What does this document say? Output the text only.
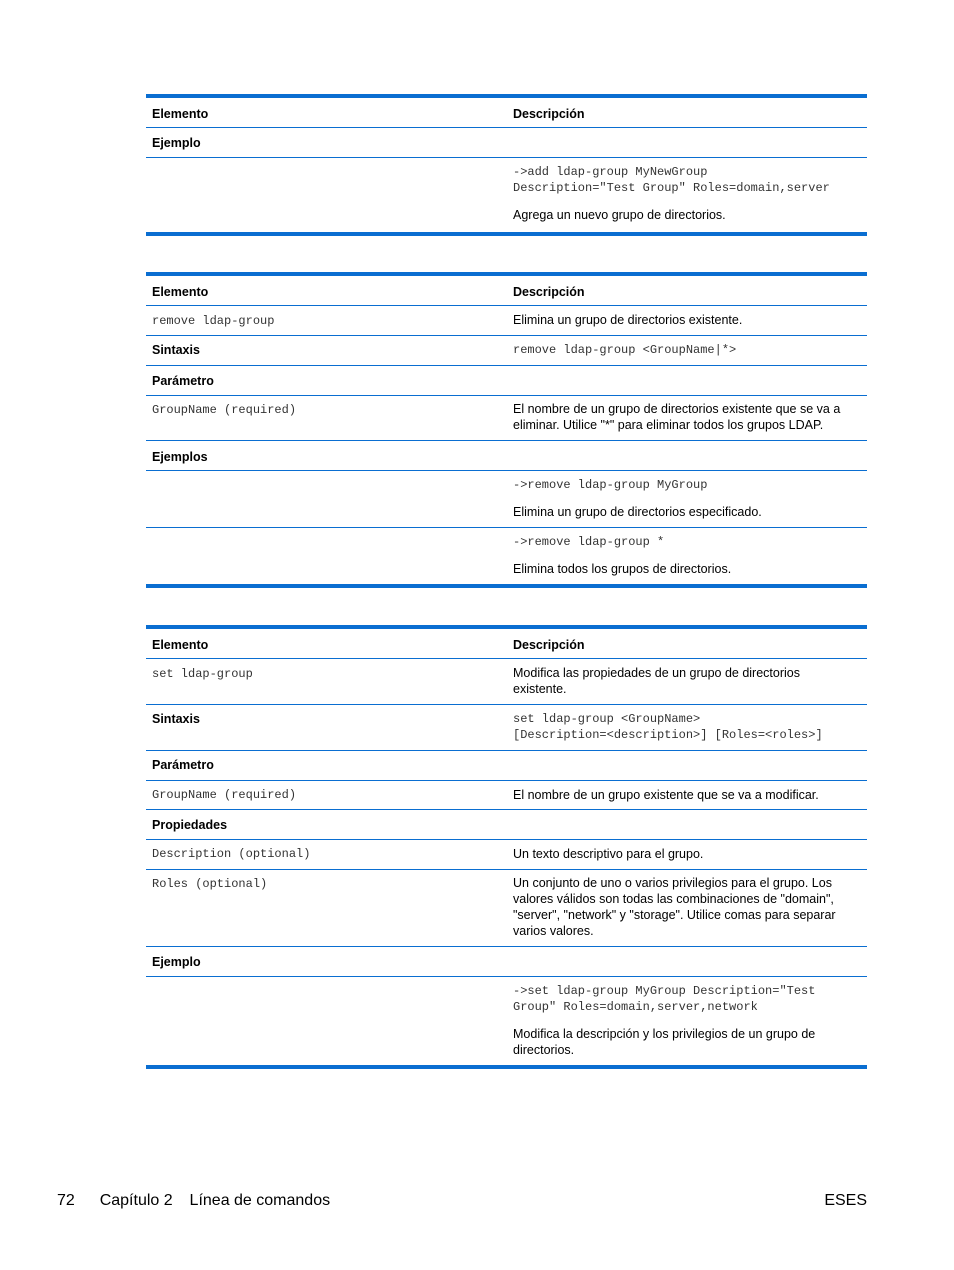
Elemento	Descripción
Ejemplo
->add ldap-group MyNewGroup
Description="Test Group" Roles=domain,server
Agrega un nuevo grupo de directorios.
Elemento	Descripción
remove ldap-group	Elimina un grupo de directorios existente.
Sintaxis	remove ldap-group <GroupName|*>
Parámetro
GroupName (required)	El nombre de un grupo de directorios existente que se va a
eliminar. Utilice "*" para eliminar todos los grupos LDAP.
Ejemplos
->remove ldap-group MyGroup
Elimina un grupo de directorios especificado.
->remove ldap-group *
Elimina todos los grupos de directorios.
Elemento	Descripción
set ldap-group	Modifica las propiedades de un grupo de directorios
existente.
Sintaxis	set ldap-group <GroupName>
[Description=<description>] [Roles=<roles>]
Parámetro
GroupName (required)	El nombre de un grupo existente que se va a modificar.
Propiedades
Description (optional)	Un texto descriptivo para el grupo.
Roles (optional)	Un conjunto de uno o varios privilegios para el grupo. Los
valores válidos son todas las combinaciones de "domain",
"server", "network" y "storage". Utilice comas para separar
varios valores.
Ejemplo
->set ldap-group MyGroup Description="Test
Group" Roles=domain,server,network
Modifica la descripción y los privilegios de un grupo de
directorios.
72 Capítulo 2 Línea de comandos	ESES
